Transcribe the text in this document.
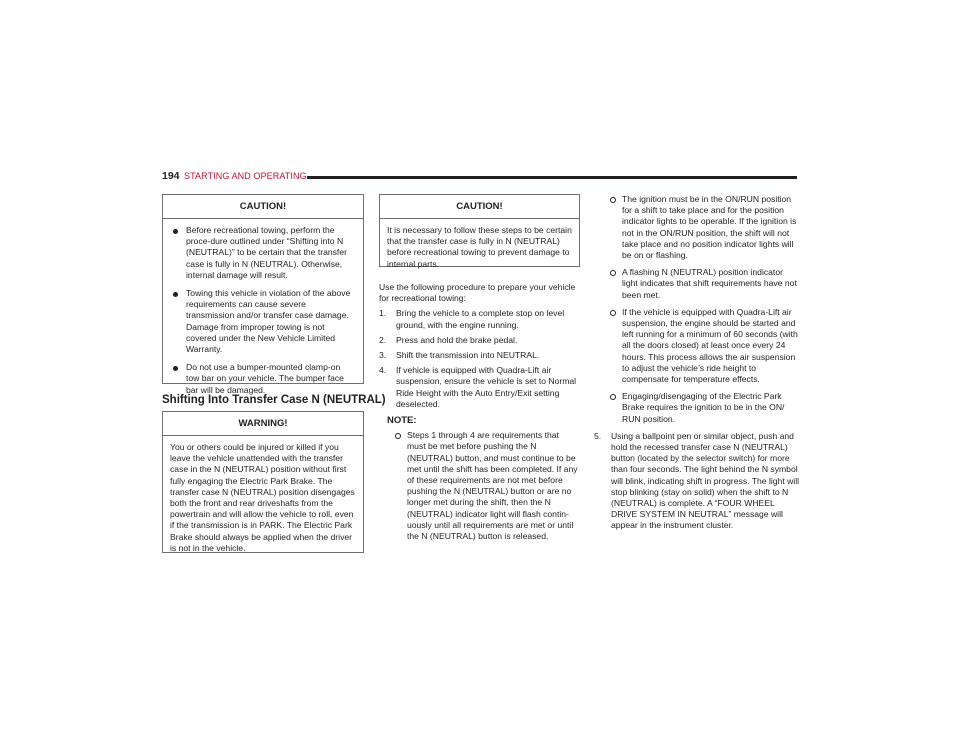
194 STARTING AND OPERATING
CAUTION!
Before recreational towing, perform the proce-dure outlined under “Shifting into N (NEUTRAL)” to be certain that the transfer case is fully in N (NEUTRAL). Otherwise, internal damage will result.
Towing this vehicle in violation of the above requirements can cause severe transmission and/or transfer case damage. Damage from improper towing is not covered under the New Vehicle Limited Warranty.
Do not use a bumper-mounted clamp-on tow bar on your vehicle. The bumper face bar will be damaged.
Shifting Into Transfer Case N (NEUTRAL)
WARNING!
You or others could be injured or killed if you leave the vehicle unattended with the transfer case in the N (NEUTRAL) position without first fully engaging the Electric Park Brake. The transfer case N (NEUTRAL) position disengages both the front and rear driveshafts from the powertrain and will allow the vehicle to roll, even if the transmission is in PARK. The Electric Park Brake should always be applied when the driver is not in the vehicle.
CAUTION!
It is necessary to follow these steps to be certain that the transfer case is fully in N (NEUTRAL) before recreational towing to prevent damage to internal parts.
Use the following procedure to prepare your vehicle for recreational towing:
1. Bring the vehicle to a complete stop on level ground, with the engine running.
2. Press and hold the brake pedal.
3. Shift the transmission into NEUTRAL.
4. If vehicle is equipped with Quadra-Lift air suspension, ensure the vehicle is set to Normal Ride Height with the Auto Entry/Exit setting deselected.
NOTE:
Steps 1 through 4 are requirements that must be met before pushing the N (NEUTRAL) button, and must continue to be met until the shift has been completed. If any of these requirements are not met before pushing the N (NEUTRAL) button or are no longer met during the shift, then the N (NEUTRAL) indicator light will flash contin-uously until all requirements are met or until the N (NEUTRAL) button is released.
The ignition must be in the ON/RUN position for a shift to take place and for the position indicator lights to be operable. If the ignition is not in the ON/RUN position, the shift will not take place and no position indicator lights will be on or flashing.
A flashing N (NEUTRAL) position indicator light indicates that shift requirements have not been met.
If the vehicle is equipped with Quadra-Lift air suspension, the engine should be started and left running for a minimum of 60 seconds (with all the doors closed) at least once every 24 hours. This process allows the air suspension to adjust the vehicle’s ride height to compensate for temperature effects.
Engaging/disengaging of the Electric Park Brake requires the ignition to be in the ON/ RUN position.
5. Using a ballpoint pen or similar object, push and hold the recessed transfer case N (NEUTRAL) button (located by the selector switch) for more than four seconds. The light behind the N symbol will blink, indicating shift in progress. The light will stop blinking (stay on solid) when the shift to N (NEUTRAL) is complete. A “FOUR WHEEL DRIVE SYSTEM IN NEUTRAL” message will appear in the instrument cluster.
